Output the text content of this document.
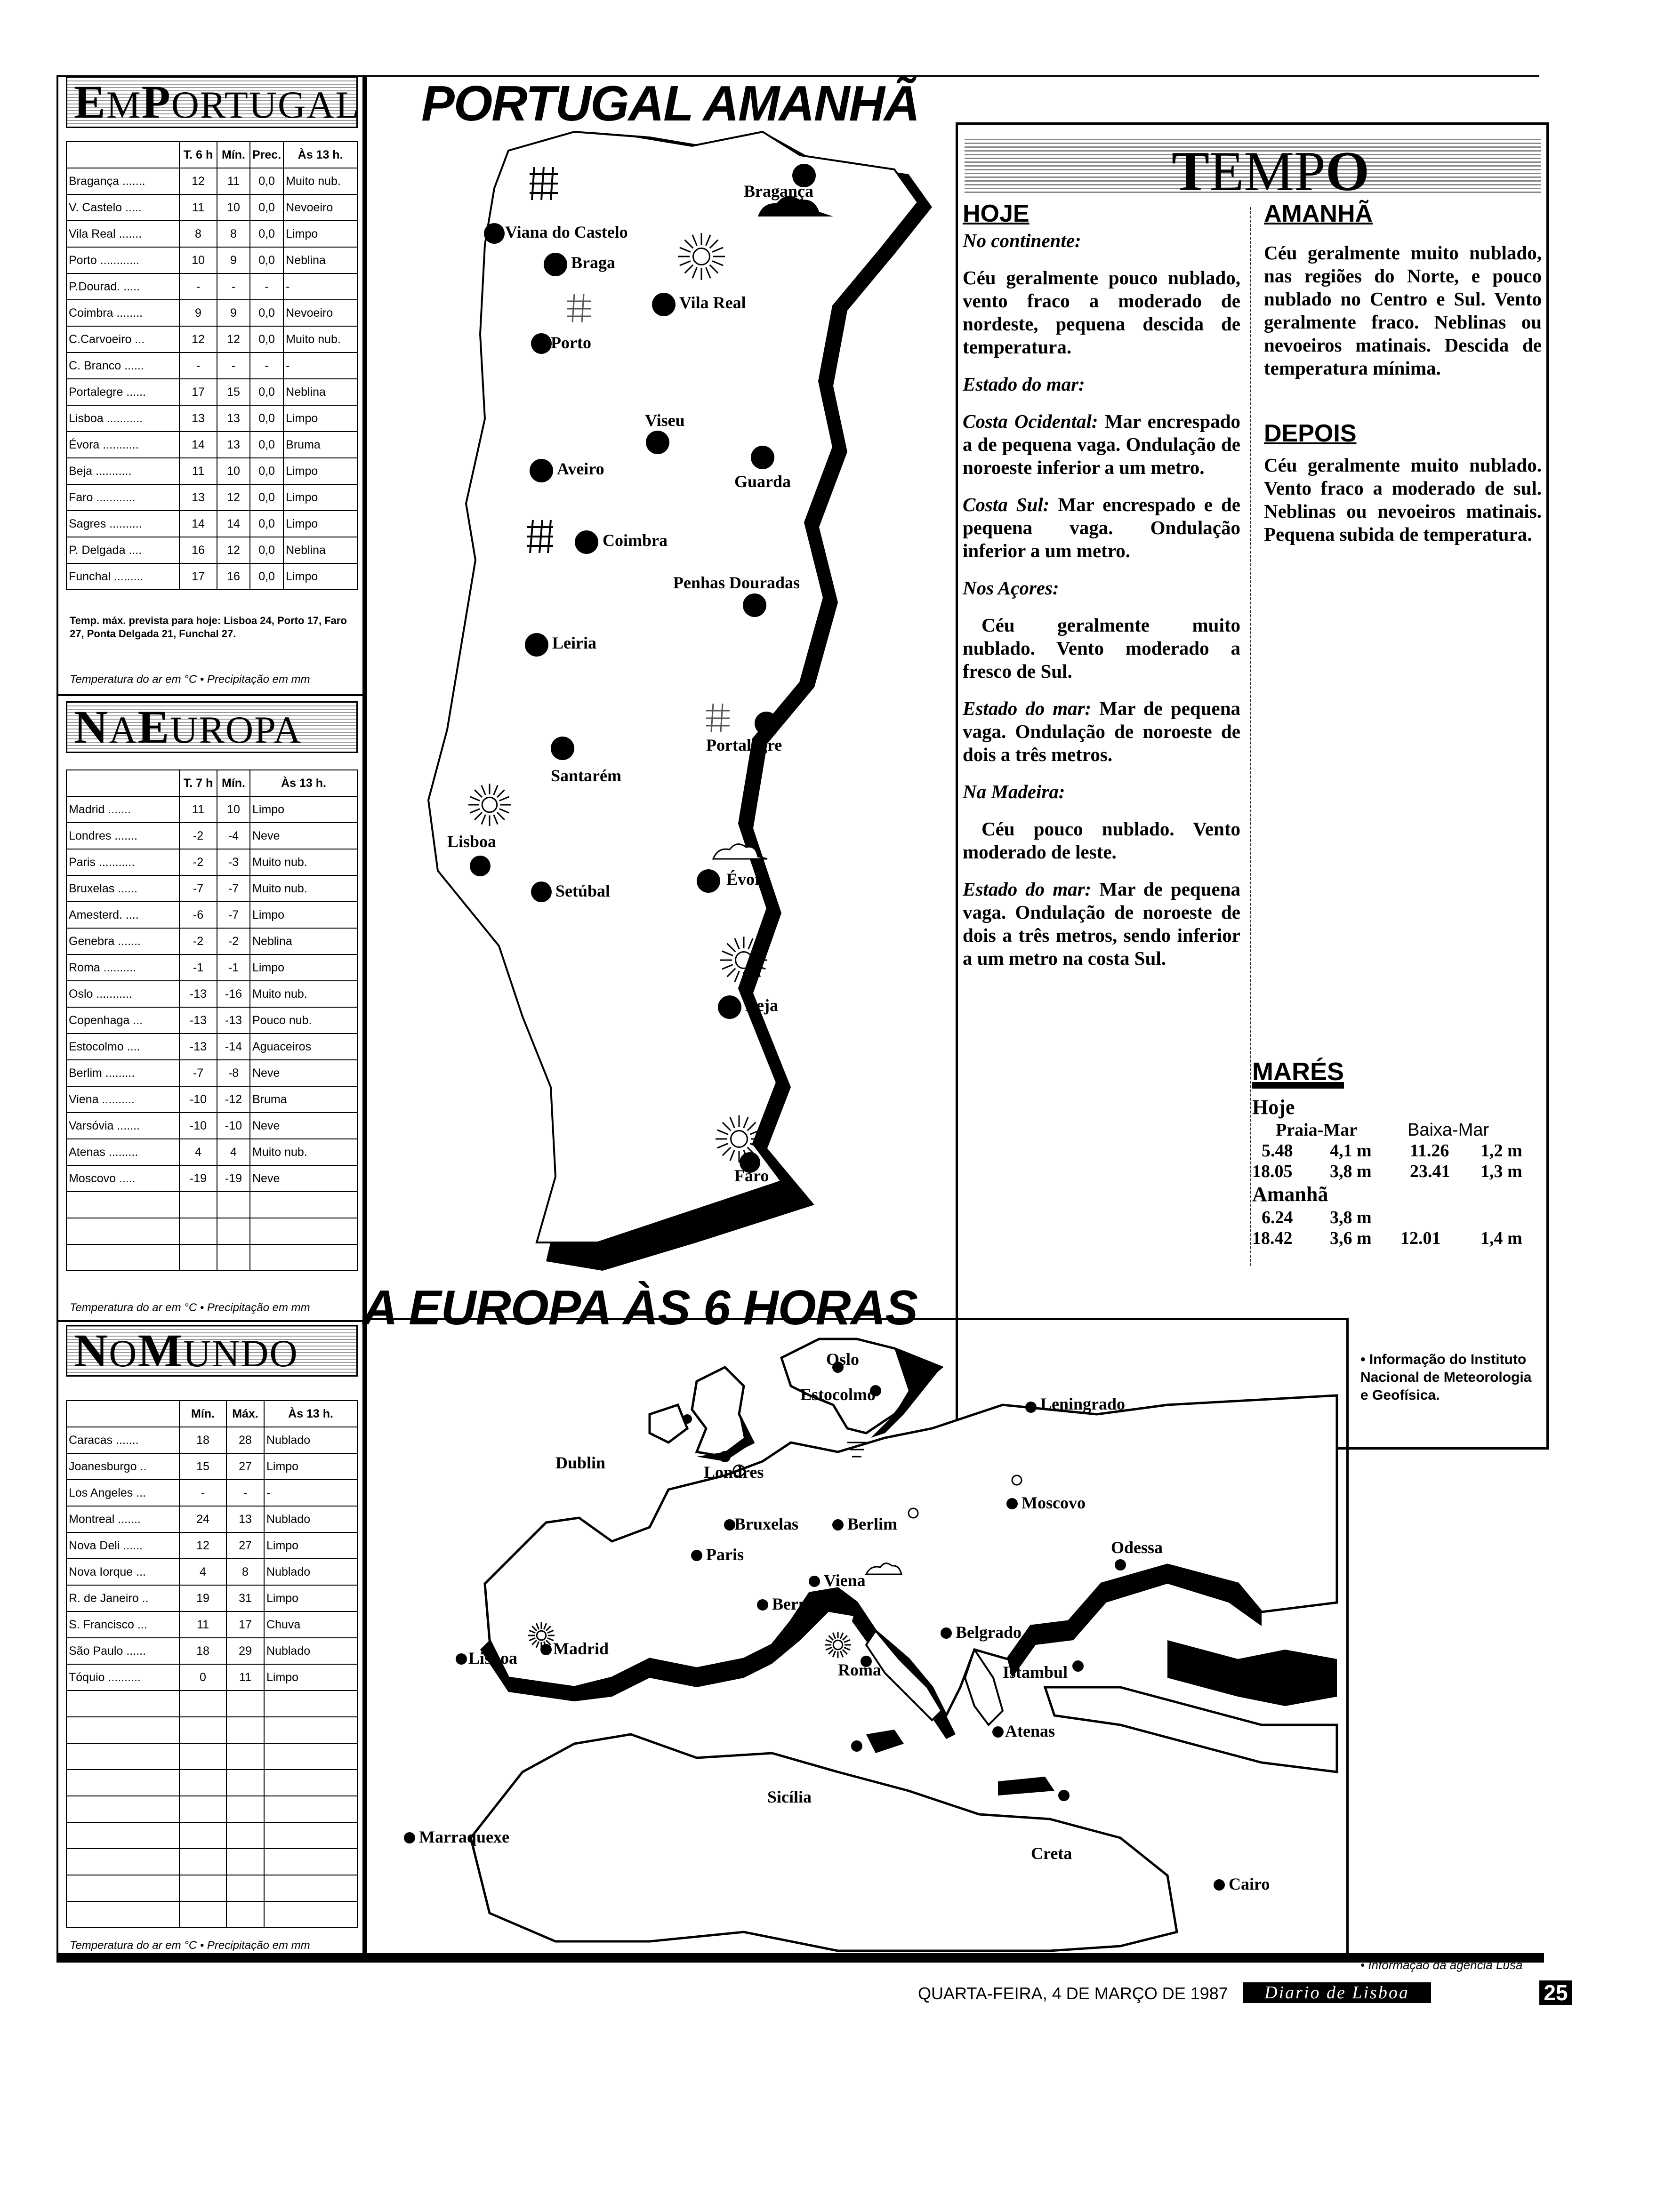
EMPORTUGAL
	T. 6 h	Mín.	Prec.	Às 13 h.
Bragança .......	12	11	0,0	Muito nub.
V. Castelo .....	11	10	0,0	Nevoeiro
Vila Real .......	8	8	0,0	Limpo
Porto ............	10	9	0,0	Neblina
P.Dourad. .....	-	-	-	-
Coimbra ........	9	9	0,0	Nevoeiro
C.Carvoeiro ...	12	12	0,0	Muito nub.
C. Branco ......	-	-	-	-
Portalegre ......	17	15	0,0	Neblina
Lisboa ...........	13	13	0,0	Limpo
Évora ...........	14	13	0,0	Bruma
Beja ...........	11	10	0,0	Limpo
Faro ............	13	12	0,0	Limpo
Sagres ..........	14	14	0,0	Limpo
P. Delgada ....	16	12	0,0	Neblina
Funchal .........	17	16	0,0	Limpo
Temp. máx. prevista para hoje: Lisboa 24, Porto 17, Faro 27, Ponta Delgada 21, Funchal 27.
Temperatura do ar em °C • Precipitação em mm
NAEUROPA
	T. 7 h	Mín.	Às 13 h.
Madrid .......	11	10	Limpo
Londres .......	-2	-4	Neve
Paris ...........	-2	-3	Muito nub.
Bruxelas ......	-7	-7	Muito nub.
Amesterd. ....	-6	-7	Limpo
Genebra .......	-2	-2	Neblina
Roma ..........	-1	-1	Limpo
Oslo ...........	-13	-16	Muito nub.
Copenhaga ...	-13	-13	Pouco nub.
Estocolmo ....	-13	-14	Aguaceiros
Berlim .........	-7	-8	Neve
Viena ..........	-10	-12	Bruma
Varsóvia .......	-10	-10	Neve
Atenas .........	4	4	Muito nub.
Moscovo .....	-19	-19	Neve

Temperatura do ar em °C • Precipitação em mm
NOMUNDO
	Mín.	Máx.	Às 13 h.
Caracas .......	18	28	Nublado
Joanesburgo ..	15	27	Limpo
Los Angeles ...	-	-	-
Montreal .......	24	13	Nublado
Nova Deli ......	12	27	Limpo
Nova Iorque ...	4	8	Nublado
R. de Janeiro ..	19	31	Limpo
S. Francisco ...	11	17	Chuva
São Paulo ......	18	29	Nublado
Tóquio ..........	0	11	Limpo

Temperatura do ar em °C • Precipitação em mm
PORTUGAL AMANHÃ
Bragança
Viana do Castelo
Braga
Vila Real
Porto
Viseu
Aveiro
Guarda
Coimbra
Penhas Douradas
Leiria
Portalegre
Santarém
Lisboa
Setúbal
Évora
Beja
Faro
TEMPO
HOJE

No continente:

Céu geralmente pouco nublado, vento fraco a moderado de nordeste, pequena descida de temperatura.

Estado do mar:

Costa Ocidental: Mar encrespado a de pequena vaga. Ondulação de noroeste inferior a um metro.

Costa Sul: Mar encrespado e de pequena vaga. Ondulação inferior a um metro.

Nos Açores:

Céu geralmente muito nublado. Vento moderado a fresco de Sul.

Estado do mar: Mar de pequena vaga. Ondulação de noroeste de dois a três metros.

Na Madeira:

Céu pouco nublado. Vento moderado de leste.

Estado do mar: Mar de pequena vaga. Ondulação de noroeste de dois a três metros, sendo inferior a um metro na costa Sul.

AMANHÃ

Céu geralmente muito nublado, nas regiões do Norte, e pouco nublado no Centro e Sul. Vento geralmente fraco. Neblinas ou nevoeiros matinais. Descida de temperatura mínima.

DEPOIS

Céu geralmente muito nublado. Vento fraco a moderado de sul. Neblinas ou nevoeiros matinais. Pequena subida de temperatura.

MARÉS
Hoje
Praia-Mar	Baixa-Mar
5.48 4,1 m 11.26 1,2 m
18.05 3,8 m 23.41 1,3 m
Amanhã
6.24 3,8 m
18.42 3,6 m 12.01 1,4 m
• Informação do Instituto Nacional de Meteorologia e Geofísica.
A EUROPA ÀS 6 HORAS
Oslo
Estocolmo	Leningrado
Dublin	Londres
Moscovo
Bruxelas	Berlim
Paris
Viena
Odessa
Berna
Belgrado
Lisboa Madrid
Roma	Istambul
Atenas
Sicília
Marraquexe
Creta
Cairo
• Informação da agência Lusa
QUARTA-FEIRA, 4 DE MARÇO DE 1987	Diario de Lisboa	25
